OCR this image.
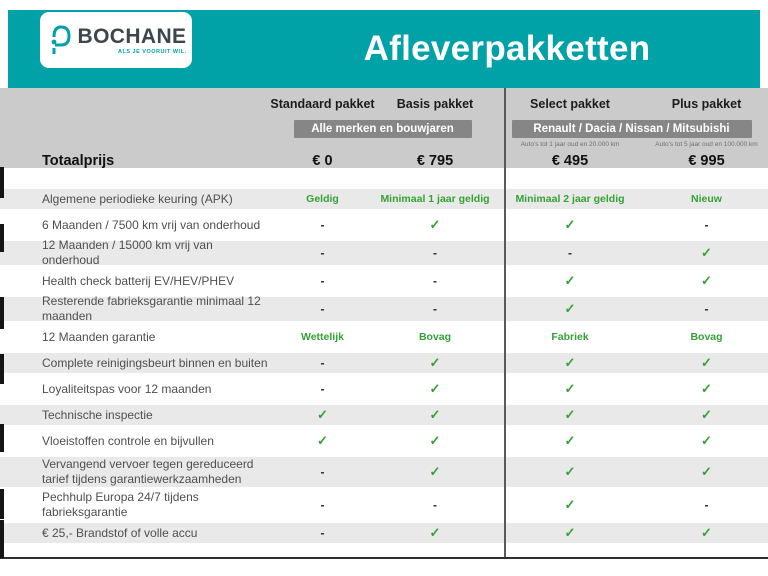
Afleverpakketten
BOCHANE
ALS JE VOORUIT WIL.
Standaard pakket	Basis pakket	Select pakket	Plus pakket
Alle merken en bouwjaren	Renault / Dacia / Nissan / Mitsubishi
Auto's tot 1 jaar oud en 20.000 km	Auto's tot 5 jaar oud en 100.000 km
Totaalprijs	€ 0	€ 795	€ 495	€ 995
Algemene periodieke keuring (APK)	Geldig	Minimaal 1 jaar geldig	Minimaal 2 jaar geldig	Nieuw
6 Maanden / 7500 km vrij van onderhoud	-	✓	✓	-
12 Maanden / 15000 km vrij van onderhoud	-	-	-	✓
Health check batterij EV/HEV/PHEV	-	-	✓	✓
Resterende fabrieksgarantie minimaal 12 maanden	-	-	✓	-
12 Maanden garantie	Wettelijk	Bovag	Fabriek	Bovag
Complete reinigingsbeurt binnen en buiten	-	✓	✓	✓
Loyaliteitspas voor 12 maanden	-	✓	✓	✓
Technische inspectie	✓	✓	✓	✓
Vloeistoffen controle en bijvullen	✓	✓	✓	✓
Vervangend vervoer tegen gereduceerd tarief tijdens garantiewerkzaamheden	-	✓	✓	✓
Pechhulp Europa 24/7 tijdens fabrieksgarantie	-	-	✓	-
€ 25,- Brandstof of volle accu	-	✓	✓	✓
